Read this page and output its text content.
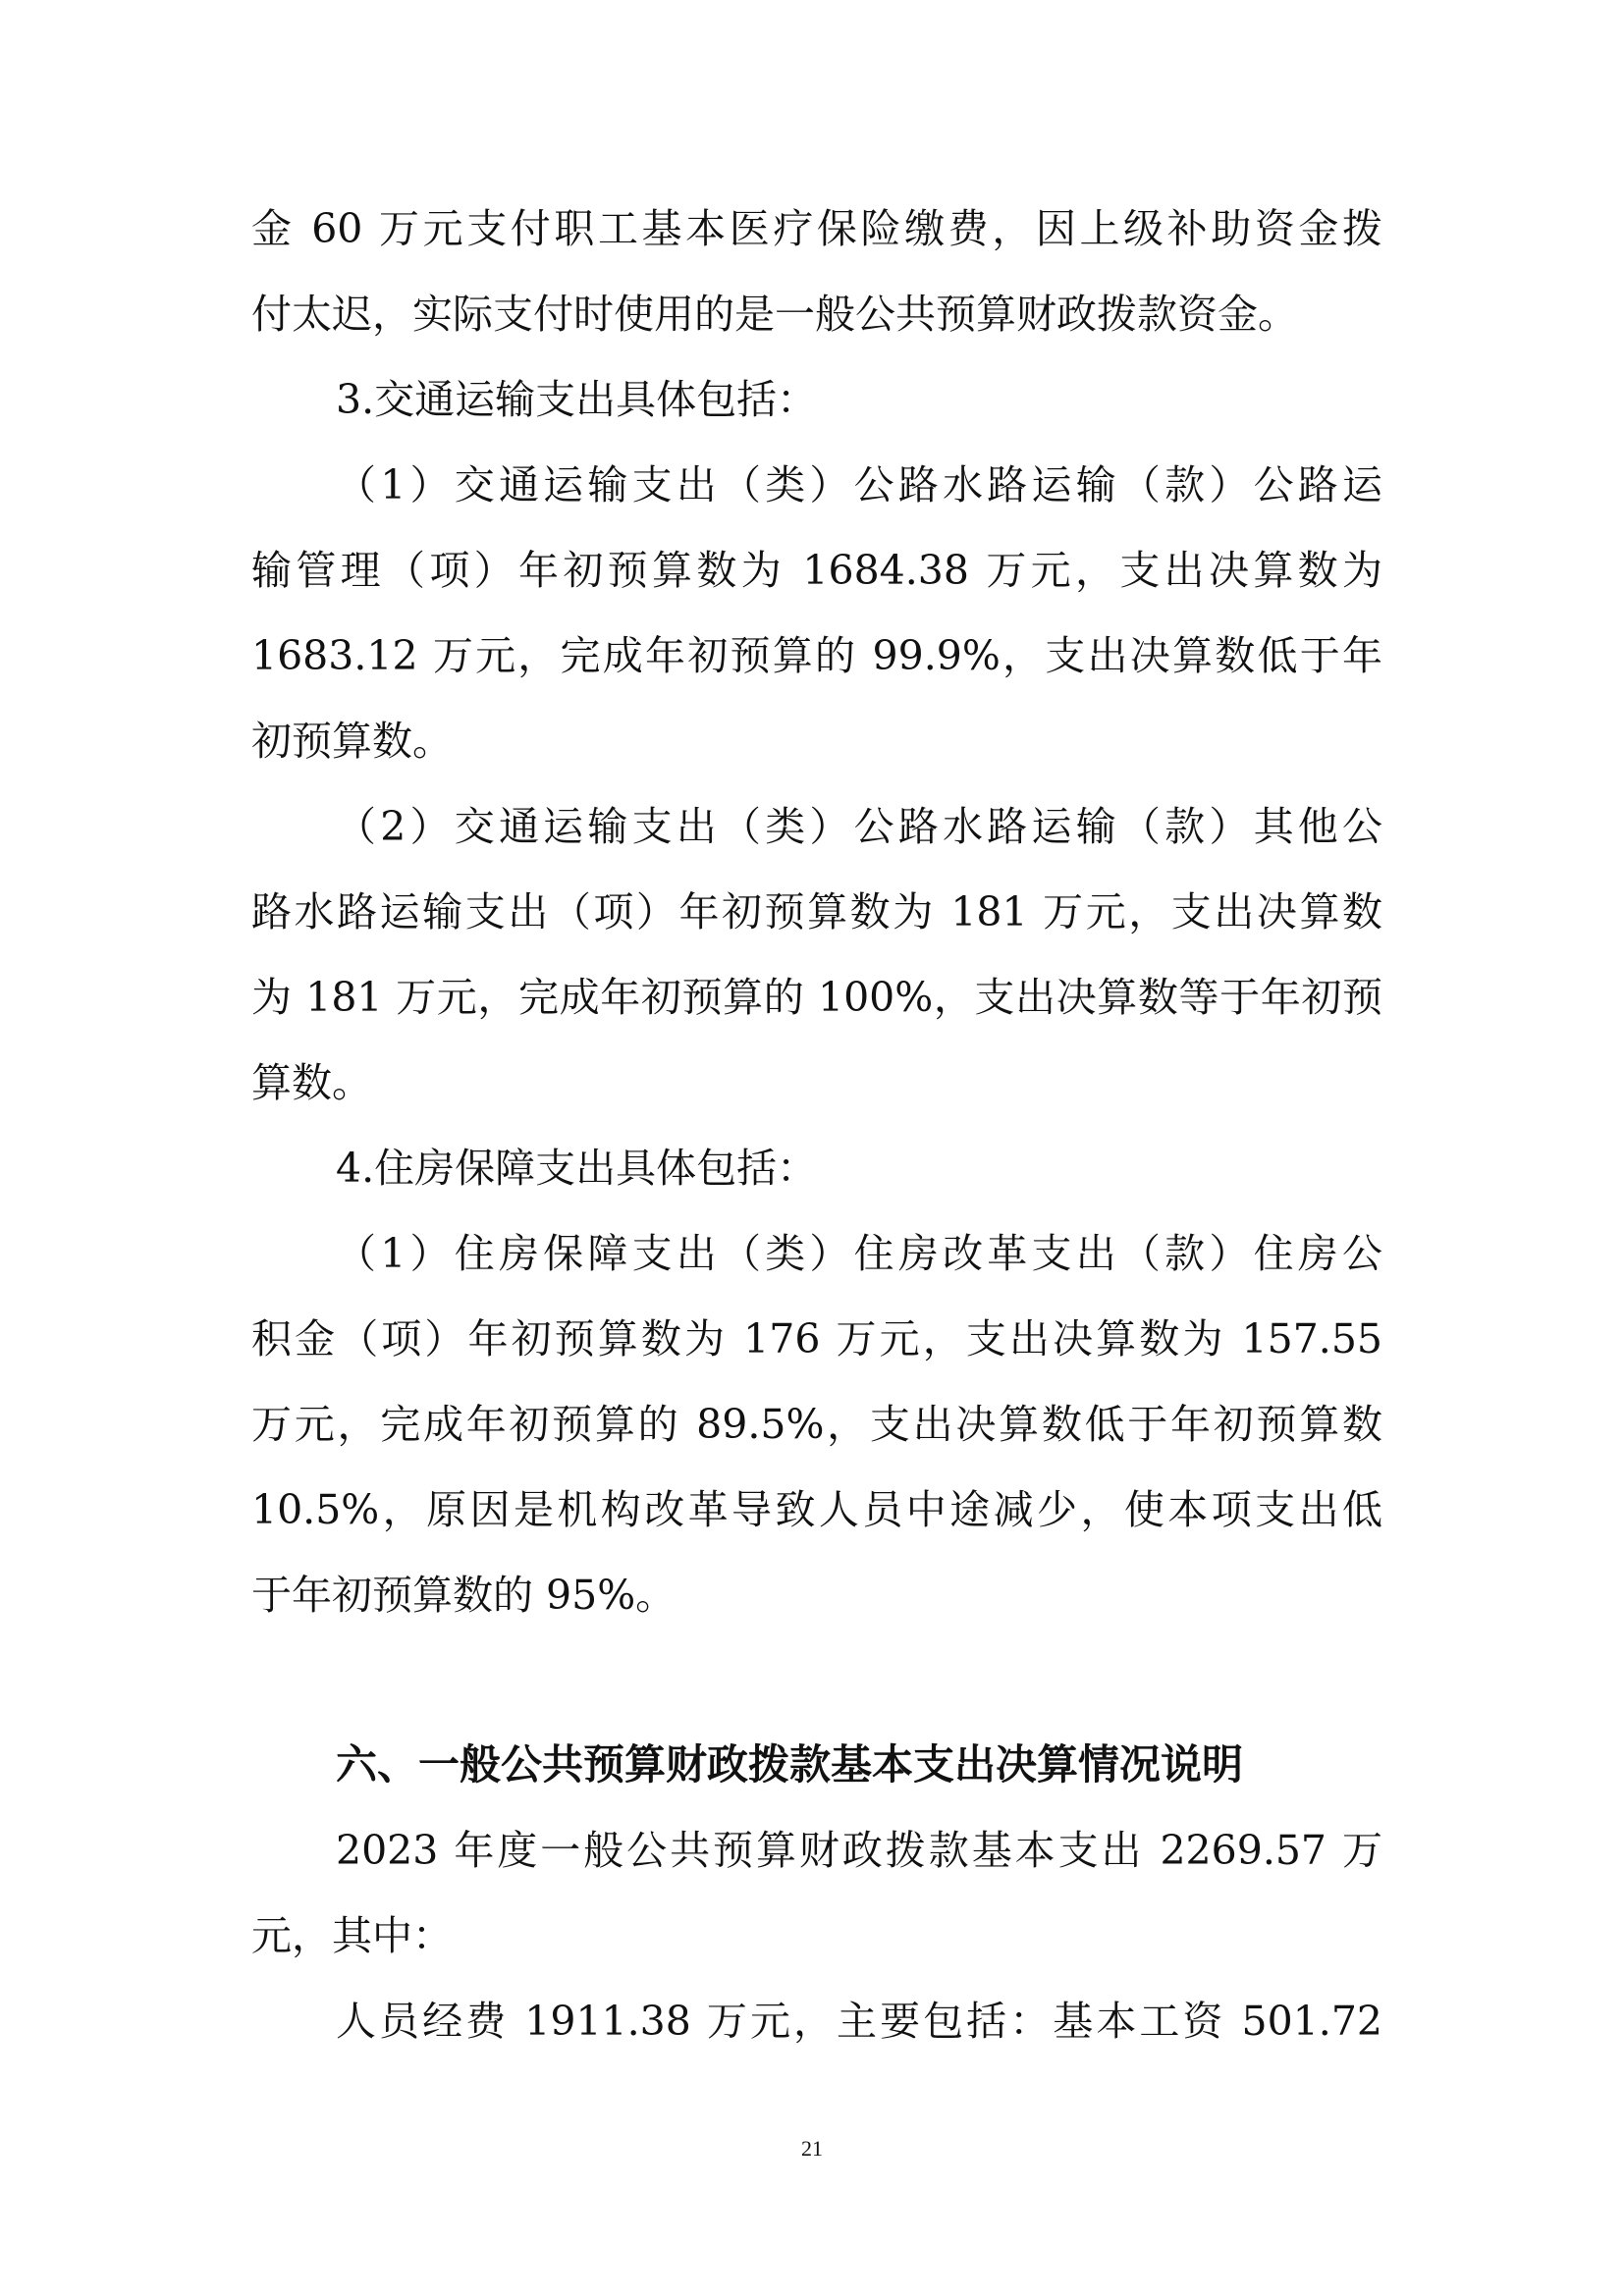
金 60 万元支付职工基本医疗保险缴费，因上级补助资金拨
付太迟，实际支付时使用的是一般公共预算财政拨款资金。
3.交通运输支出具体包括：
（1）交通运输支出（类）公路水路运输（款）公路运
输管理（项）年初预算数为 1684.38 万元，支出决算数为
1683.12 万元，完成年初预算的 99.9%，支出决算数低于年
初预算数。
（2）交通运输支出（类）公路水路运输（款）其他公
路水路运输支出（项）年初预算数为 181 万元，支出决算数
为 181 万元，完成年初预算的 100%，支出决算数等于年初预
算数。
4.住房保障支出具体包括：
（1）住房保障支出（类）住房改革支出（款）住房公
积金（项）年初预算数为 176 万元，支出决算数为 157.55
万元，完成年初预算的 89.5%，支出决算数低于年初预算数
10.5%，原因是机构改革导致人员中途减少，使本项支出低
于年初预算数的 95%。
六、一般公共预算财政拨款基本支出决算情况说明
2023 年度一般公共预算财政拨款基本支出 2269.57 万
元，其中：
人员经费 1911.38 万元，主要包括：基本工资 501.72
21
